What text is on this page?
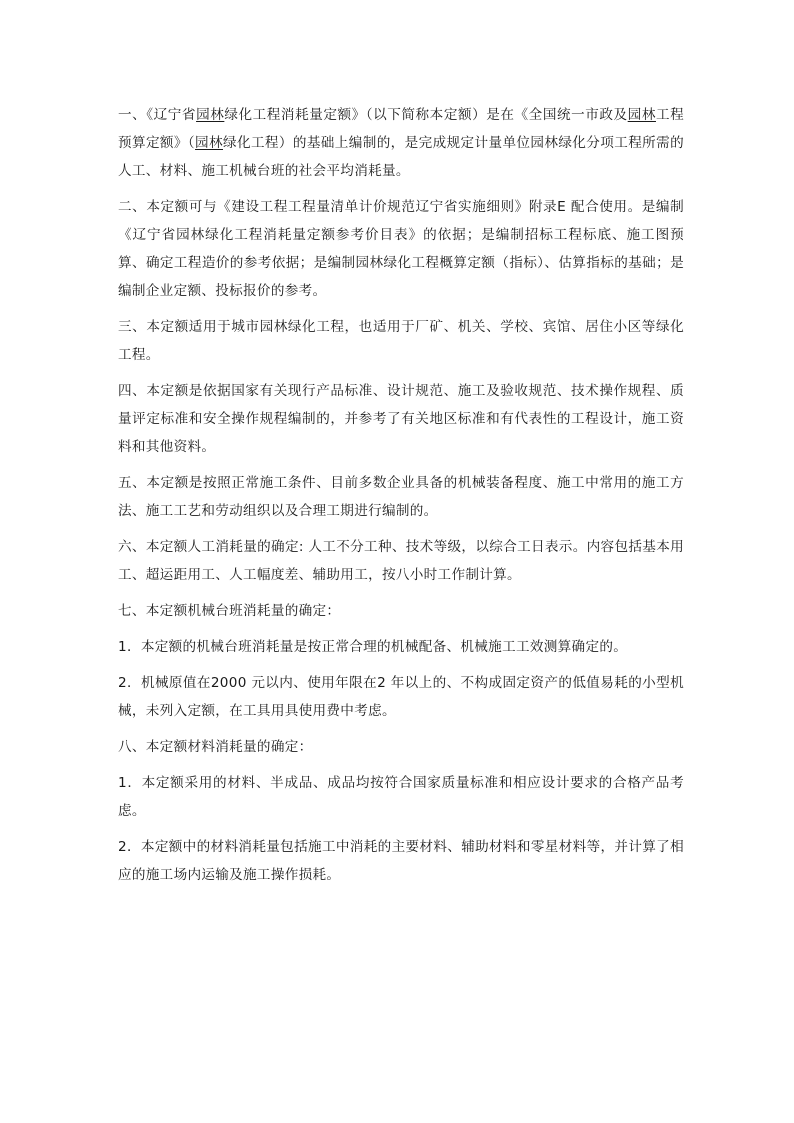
一、《辽宁省园林绿化工程消耗量定额》（以下简称本定额）是在《全国统一市政及园林工程预算定额》（园林绿化工程）的基础上编制的，是完成规定计量单位园林绿化分项工程所需的人工、材料、施工机械台班的社会平均消耗量。

二、本定额可与《建设工程工程量清单计价规范辽宁省实施细则》附录E 配合使用。是编制《辽宁省园林绿化工程消耗量定额参考价目表》的依据；是编制招标工程标底、施工图预算、确定工程造价的参考依据；是编制园林绿化工程概算定额（指标）、估算指标的基础；是编制企业定额、投标报价的参考。

三、本定额适用于城市园林绿化工程，也适用于厂矿、机关、学校、宾馆、居住小区等绿化工程。

四、本定额是依据国家有关现行产品标准、设计规范、施工及验收规范、技术操作规程、质量评定标准和安全操作规程编制的，并参考了有关地区标准和有代表性的工程设计，施工资料和其他资料。

五、本定额是按照正常施工条件、目前多数企业具备的机械装备程度、施工中常用的施工方法、施工工艺和劳动组织以及合理工期进行编制的。

六、本定额人工消耗量的确定: 人工不分工种、技术等级，以综合工日表示。内容包括基本用工、超运距用工、人工幅度差、辅助用工，按八小时工作制计算。

七、本定额机械台班消耗量的确定：

1．本定额的机械台班消耗量是按正常合理的机械配备、机械施工工效测算确定的。

2．机械原值在2000 元以内、使用年限在2 年以上的、不构成固定资产的低值易耗的小型机械，未列入定额，在工具用具使用费中考虑。

八、本定额材料消耗量的确定：

1．本定额采用的材料、半成品、成品均按符合国家质量标准和相应设计要求的合格产品考虑。

2．本定额中的材料消耗量包括施工中消耗的主要材料、辅助材料和零星材料等，并计算了相应的施工场内运输及施工操作损耗。
